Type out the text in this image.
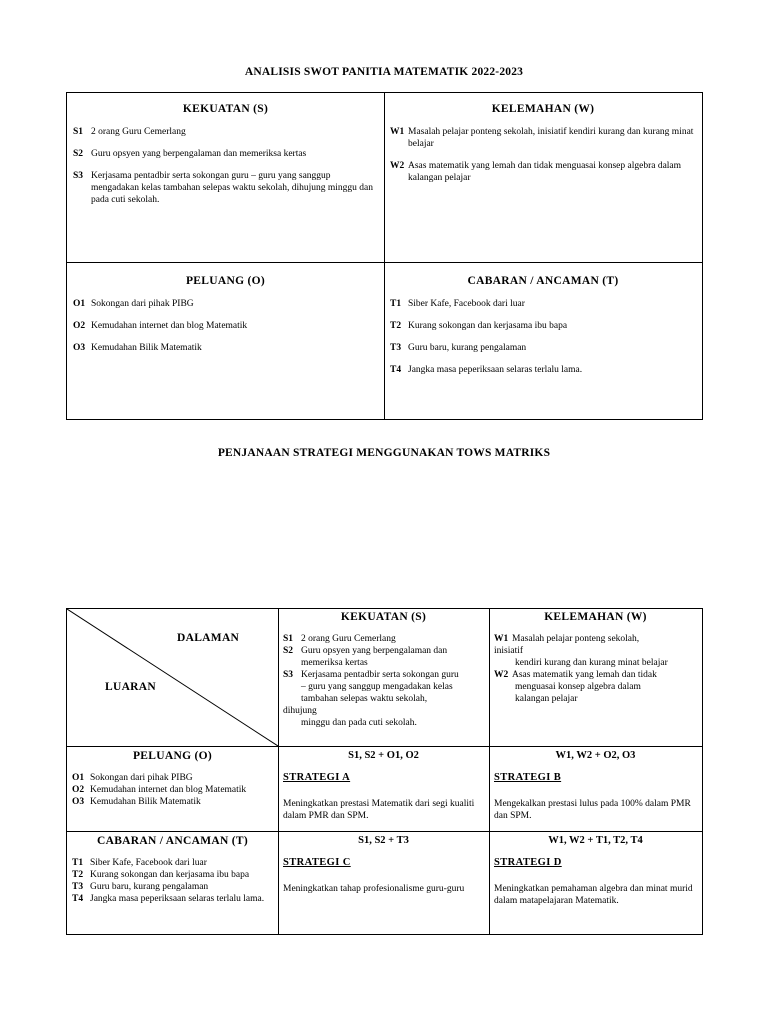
ANALISIS SWOT PANITIA MATEMATIK 2022-2023
KEKUATAN (S)
S1 2 orang Guru Cemerlang
S2 Guru opsyen yang berpengalaman dan memeriksa kertas
S3 Kerjasama pentadbir serta sokongan guru – guru yang sanggup mengadakan kelas tambahan selepas waktu sekolah, dihujung minggu dan pada cuti sekolah.
KELEMAHAN (W)
W1 Masalah pelajar ponteng sekolah, inisiatif kendiri kurang dan kurang minat belajar
W2 Asas matematik yang lemah dan tidak menguasai konsep algebra dalam kalangan pelajar
PELUANG (O)
O1 Sokongan dari pihak PIBG
O2 Kemudahan internet dan blog Matematik
O3 Kemudahan Bilik Matematik
CABARAN / ANCAMAN (T)
T1 Siber Kafe, Facebook dari luar
T2 Kurang sokongan dan kerjasama ibu bapa
T3 Guru baru, kurang pengalaman
T4 Jangka masa peperiksaan selaras terlalu lama.
PENJANAAN STRATEGI MENGGUNAKAN TOWS MATRIKS
DALAMAN
LUARAN
KEKUATAN (S)
S1 2 orang Guru Cemerlang
S2 Guru opsyen yang berpengalaman dan
memeriksa kertas
S3 Kerjasama pentadbir serta sokongan guru
– guru yang sanggup mengadakan kelas
tambahan selepas waktu sekolah,
dihujung
minggu dan pada cuti sekolah.
KELEMAHAN (W)
W1 Masalah pelajar ponteng sekolah,
inisiatif
kendiri kurang dan kurang minat belajar
W2 Asas matematik yang lemah dan tidak
menguasai konsep algebra dalam
kalangan pelajar
PELUANG (O)
O1 Sokongan dari pihak PIBG
O2 Kemudahan internet dan blog Matematik
O3 Kemudahan Bilik Matematik
S1, S2 + O1, O2
STRATEGI A
Meningkatkan prestasi Matematik dari segi kualiti dalam PMR dan SPM.
W1, W2 + O2, O3
STRATEGI B
Mengekalkan prestasi lulus pada 100% dalam PMR dan SPM.
CABARAN / ANCAMAN (T)
T1 Siber Kafe, Facebook dari luar
T2 Kurang sokongan dan kerjasama ibu bapa
T3 Guru baru, kurang pengalaman
T4 Jangka masa peperiksaan selaras terlalu lama.
S1, S2 + T3
STRATEGI C
Meningkatkan tahap profesionalisme guru-guru
W1, W2 + T1, T2, T4
STRATEGI D
Meningkatkan pemahaman algebra dan minat murid dalam matapelajaran Matematik.
